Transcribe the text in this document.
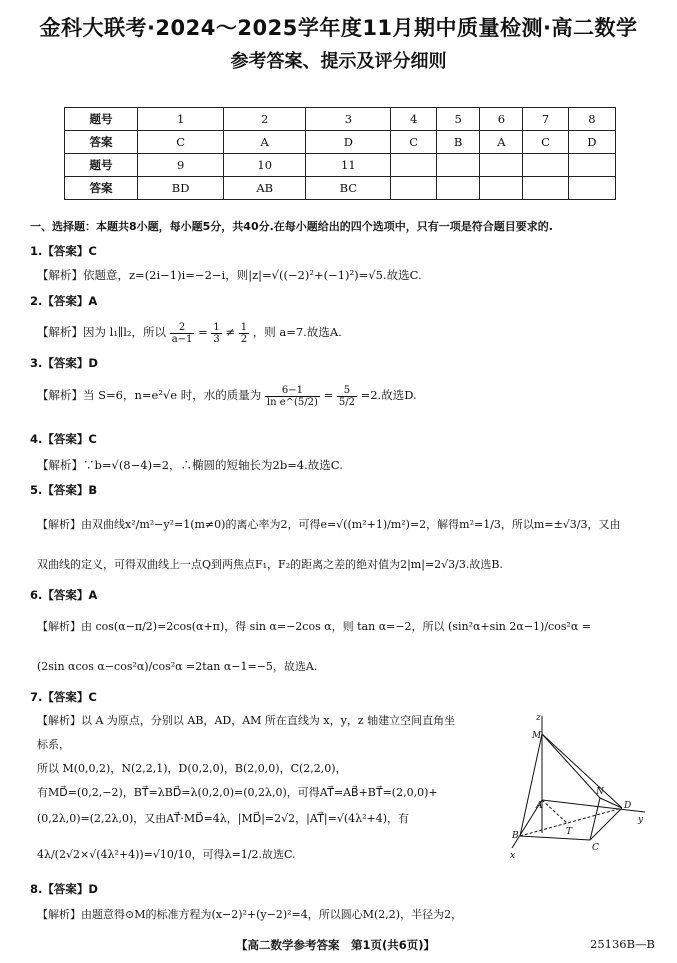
金科大联考·2024～2025学年度11月期中质量检测·高二数学
参考答案、提示及评分细则
题号	1	2	3	4	5	6	7	8
答案	C	A	D	C	B	A	C	D
题号	9	10	11					
答案	BD	AB	BC					
一、选择题：本题共8小题，每小题5分，共40分.在每小题给出的四个选项中，只有一项是符合题目要求的.
1.【答案】C
【解析】依题意，z=(2i−1)i=−2−i，则|z|=√((−2)²+(−1)²)=√5.故选C.
2.【答案】A
【解析】因为 l₁∥l₂，所以 $\frac{2}{a-1} = \frac{1}{3} \ne \frac{1}{2}$ ，则 a=7.故选A.
3.【答案】D
【解析】当 S=6，n=e²√e 时，水的质量为 $\frac{6-1}{\text{ln e\textasciicircum{}(5/2)}} = \frac{5}{5/2} =2$.故选D.
4.【答案】C
【解析】∵b=√(8−4)=2，∴椭圆的短轴长为2b=4.故选C.
5.【答案】B
【解析】由双曲线x²/m²−y²=1(m≠0)的离心率为2，可得e=√((m²+1)/m²)=2，解得m²=1/3，所以m=±√3/3，又由
双曲线的定义，可得双曲线上一点Q到两焦点F₁，F₂的距离之差的绝对值为2|m|=2√3/3.故选B.
6.【答案】A
【解析】由 cos(α−π/2)=2cos(α+π)，得 sin α=−2cos α，则 tan α=−2，所以 (sin²α+sin 2α−1)/cos²α =
(2sin αcos α−cos²α)/cos²α =2tan α−1=−5，故选A.
7.【答案】C
【解析】以 A 为原点，分别以 AB，AD，AM 所在直线为 x，y，z 轴建立空间直角坐
标系，
所以 M(0,0,2)，N(2,2,1)，D(0,2,0)，B(2,0,0)，C(2,2,0)，
有MD⃗=(0,2,−2)，BT⃗=λBD⃗=λ(0,2,0)=(0,2λ,0)，可得AT⃗=AB⃗+BT⃗=(2,0,0)+
(0,2λ,0)=(2,2λ,0)，又由AT⃗·MD⃗=4λ，|MD⃗|=2√2，|AT⃗|=√(4λ²+4)，有
4λ/(2√2×√(4λ²+4))=√10/10，可得λ=1/2.故选C.
z
M
N
A	D
y
B	T
C
x
8.【答案】D
【解析】由题意得⊙M的标准方程为(x−2)²+(y−2)²=4，所以圆心M(2,2)，半径为2，
【高二数学参考答案　第1页(共6页)】	25136B—B
